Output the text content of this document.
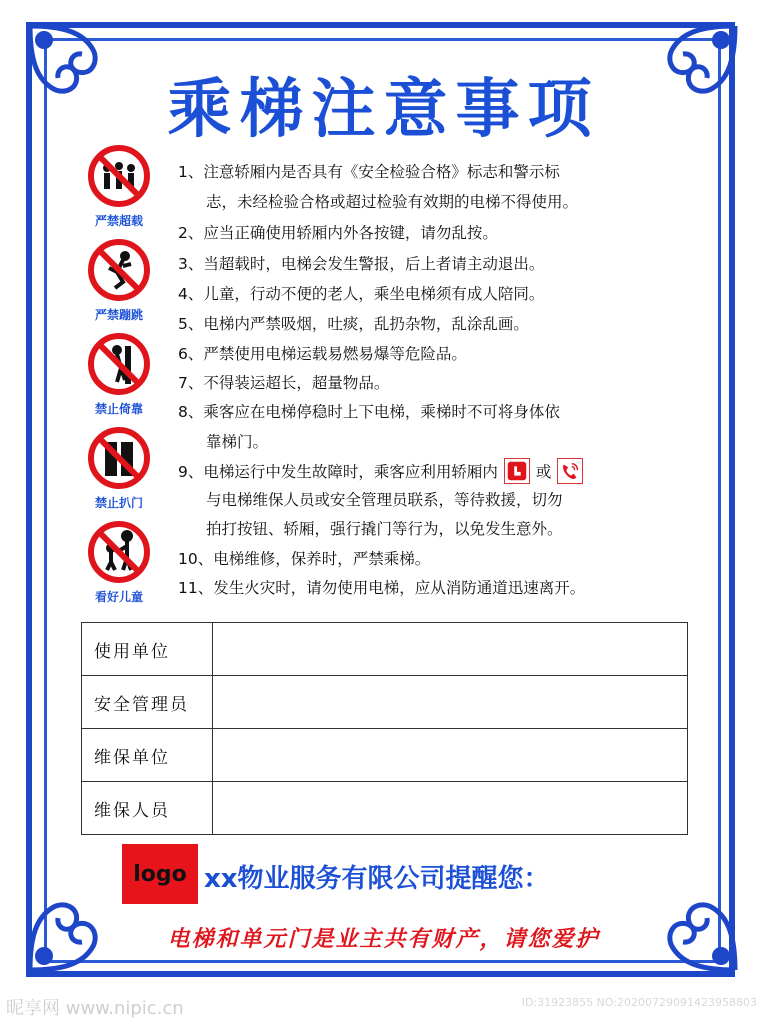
乘梯注意事项
严禁超载
严禁蹦跳
禁止倚靠
禁止扒门
看好儿童
1、注意轿厢内是否具有《安全检验合格》标志和警示标
志，未经检验合格或超过检验有效期的电梯不得使用。
2、应当正确使用轿厢内外各按键，请勿乱按。
3、当超载时，电梯会发生警报，后上者请主动退出。
4、儿童，行动不便的老人，乘坐电梯须有成人陪同。
5、电梯内严禁吸烟，吐痰，乱扔杂物，乱涂乱画。
6、严禁使用电梯运载易燃易爆等危险品。
7、不得装运超长，超量物品。
8、乘客应在电梯停稳时上下电梯，乘梯时不可将身体依
靠梯门。
9、电梯运行中发生故障时，乘客应利用轿厢内 或
与电梯维保人员或安全管理员联系，等待救援，切勿
拍打按钮、轿厢，强行撬门等行为，以免发生意外。
10、电梯维修，保养时，严禁乘梯。
11、发生火灾时，请勿使用电梯，应从消防通道迅速离开。
使用单位	
安全管理员	
维保单位	
维保人员	
logo xx物业服务有限公司提醒您：
电梯和单元门是业主共有财产，请您爱护
昵享网 www.nipic.cn	ID:31923855 NO:20200729091423958803
